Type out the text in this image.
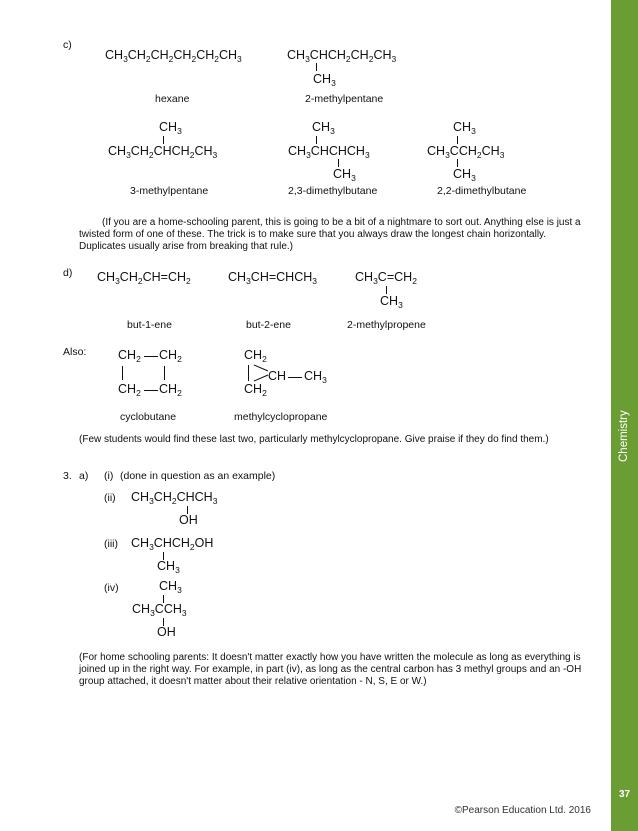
Chemistry
37
©Pearson Education Ltd. 2016
c)
$CH_3CH_2CH_2CH_2CH_2CH_3$
hexane
$CH_3CHCH_2CH_2CH_3$
$CH_3$
2-methylpentane
$CH_3$
$CH_3CH_2CHCH_2CH_3$
3-methylpentane
$CH_3$
$CH_3CHCHCH_3$
$CH_3$
2,3-dimethylbutane
$CH_3$
$CH_3CCH_2CH_3$
$CH_3$
2,2-dimethylbutane
(If you are a home-schooling parent, this is going to be a bit of a nightmare to sort out. Anything else is just a twisted form of one of these. The trick is to make sure that you always draw the longest chain horizontally. Duplicates usually arise from breaking that rule.)
d) $CH_3CH_2CH=CH_2$
but-1-ene
$CH_3CH=CHCH_3$
but-2-ene
$CH_3C=CH_2$
$CH_3$
2-methylpropene
Also:	$CH_2$ $CH_2$
$CH_2$ $CH_2$
cyclobutane
$CH_2$
CH $CH_3$
$CH_2$
methylcyclopropane
(Few students would find these last two, particularly methylcyclopropane. Give praise if they do find them.)
3. a) (i) (done in question as an example)
(ii) $CH_3CH_2CHCH_3$
OH
(iii) $CH_3CHCH_2OH$
$CH_3$
(iv)	$CH_3$
$CH_3CCH_3$
OH
(For home schooling parents: It doesn't matter exactly how you have written the molecule as long as everything is joined up in the right way. For example, in part (iv), as long as the central carbon has 3 methyl groups and an -OH group attached, it doesn't matter about their relative orientation - N, S, E or W.)
